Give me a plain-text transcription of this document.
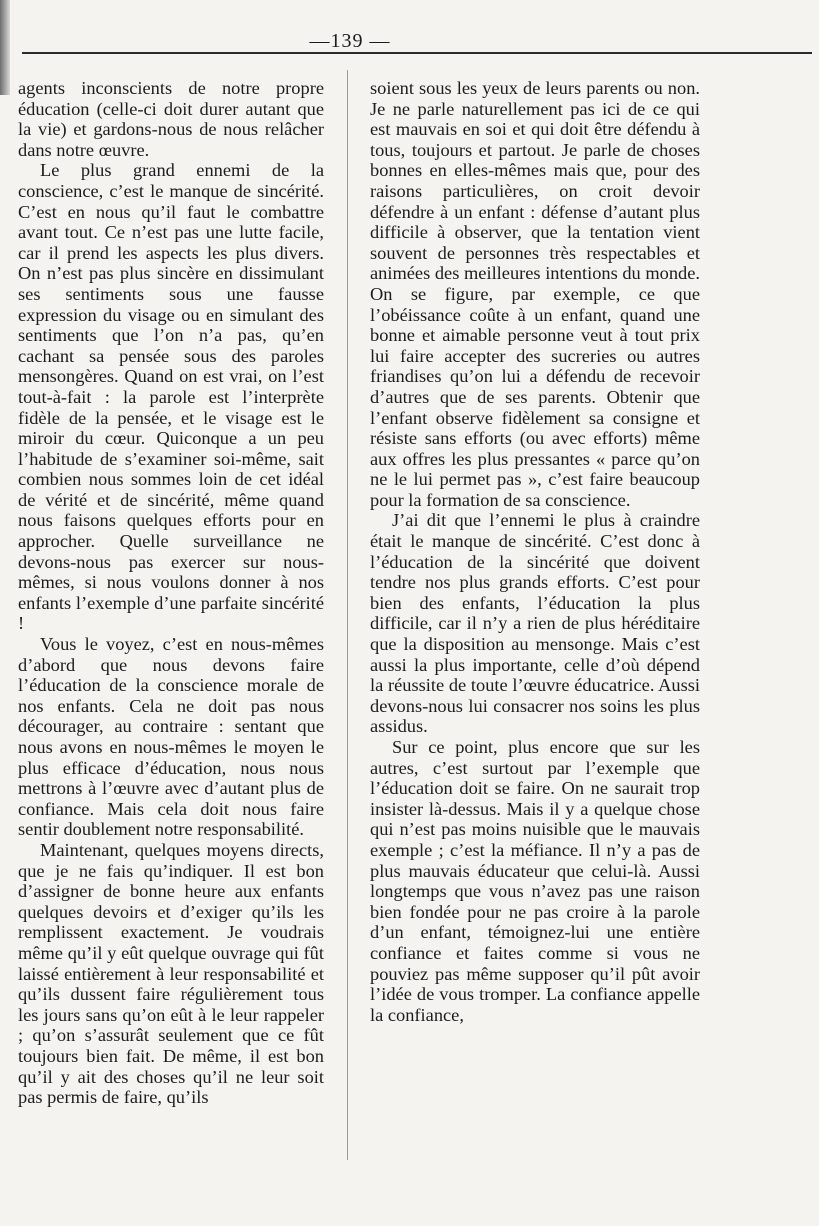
—139 —

agents inconscients de notre propre éducation (celle-ci doit durer autant que la vie) et gardons-nous de nous relâcher dans notre œuvre.

Le plus grand ennemi de la conscience, c’est le manque de sincérité. C’est en nous qu’il faut le combattre avant tout. Ce n’est pas une lutte facile, car il prend les aspects les plus divers. On n’est pas plus sincère en dissimulant ses sentiments sous une fausse expression du visage ou en simulant des sentiments que l’on n’a pas, qu’en cachant sa pensée sous des paroles mensongères. Quand on est vrai, on l’est tout-à-fait : la parole est l’interprète fidèle de la pensée, et le visage est le miroir du cœur. Quiconque a un peu l’habitude de s’examiner soi-même, sait combien nous sommes loin de cet idéal de vérité et de sincérité, même quand nous faisons quelques efforts pour en approcher. Quelle surveillance ne devons-nous pas exercer sur nous-mêmes, si nous voulons donner à nos enfants l’exemple d’une parfaite sincérité !

Vous le voyez, c’est en nous-mêmes d’abord que nous devons faire l’éducation de la conscience morale de nos enfants. Cela ne doit pas nous décourager, au contraire : sentant que nous avons en nous-mêmes le moyen le plus efficace d’éducation, nous nous mettrons à l’œuvre avec d’autant plus de confiance. Mais cela doit nous faire sentir doublement notre responsabilité.

Maintenant, quelques moyens directs, que je ne fais qu’indiquer. Il est bon d’assigner de bonne heure aux enfants quelques devoirs et d’exiger qu’ils les remplissent exactement. Je voudrais même qu’il y eût quelque ouvrage qui fût laissé entièrement à leur responsabilité et qu’ils dussent faire régulièrement tous les jours sans qu’on eût à le leur rappeler ; qu’on s’assurât seulement que ce fût toujours bien fait. De même, il est bon qu’il y ait des choses qu’il ne leur soit pas permis de faire, qu’ils

soient sous les yeux de leurs parents ou non. Je ne parle naturellement pas ici de ce qui est mauvais en soi et qui doit être défendu à tous, toujours et partout. Je parle de choses bonnes en elles-mêmes mais que, pour des raisons particulières, on croit devoir défendre à un enfant : défense d’autant plus difficile à observer, que la tentation vient souvent de personnes très respectables et animées des meilleures intentions du monde. On se figure, par exemple, ce que l’obéissance coûte à un enfant, quand une bonne et aimable personne veut à tout prix lui faire accepter des sucreries ou autres friandises qu’on lui a défendu de recevoir d’autres que de ses parents. Obtenir que l’enfant observe fidèlement sa consigne et résiste sans efforts (ou avec efforts) même aux offres les plus pressantes « parce qu’on ne le lui permet pas », c’est faire beaucoup pour la formation de sa conscience.

J’ai dit que l’ennemi le plus à craindre était le manque de sincérité. C’est donc à l’éducation de la sincérité que doivent tendre nos plus grands efforts. C’est pour bien des enfants, l’éducation la plus difficile, car il n’y a rien de plus héréditaire que la disposition au mensonge. Mais c’est aussi la plus importante, celle d’où dépend la réussite de toute l’œuvre éducatrice. Aussi devons-nous lui consacrer nos soins les plus assidus.

Sur ce point, plus encore que sur les autres, c’est surtout par l’exemple que l’éducation doit se faire. On ne saurait trop insister là-dessus. Mais il y a quelque chose qui n’est pas moins nuisible que le mauvais exemple ; c’est la méfiance. Il n’y a pas de plus mauvais éducateur que celui-là. Aussi longtemps que vous n’avez pas une raison bien fondée pour ne pas croire à la parole d’un enfant, témoignez-lui une entière confiance et faites comme si vous ne pouviez pas même supposer qu’il pût avoir l’idée de vous tromper. La confiance appelle la confiance,
